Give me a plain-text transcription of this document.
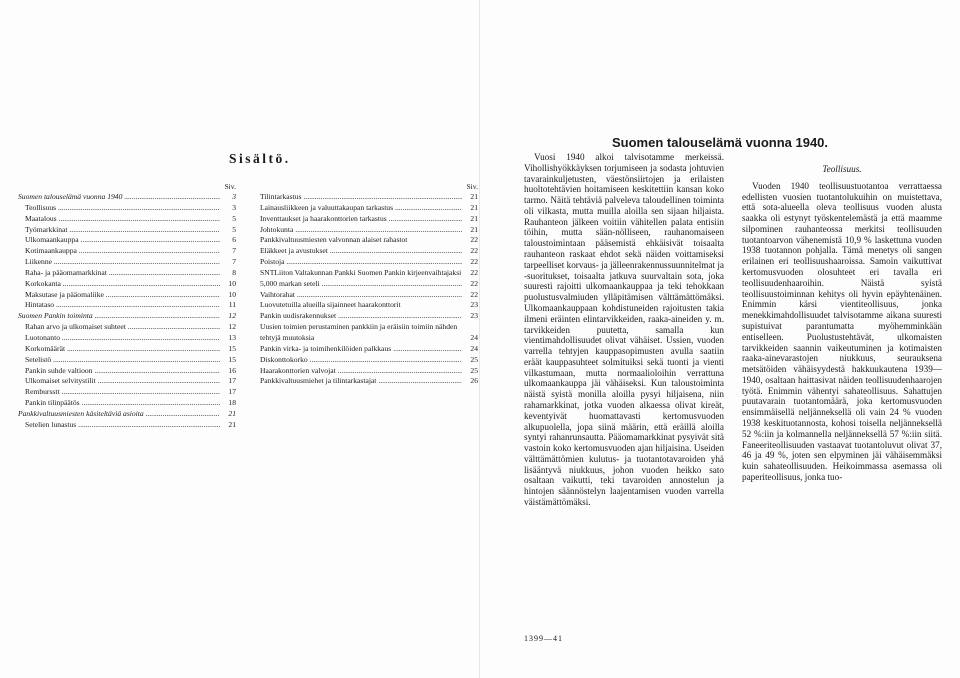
Sisältö.
Siv.
Suomen talouselämä vuonna 1940 .....	3
Teollisuus .....	3
Maatalous .....	5
Työmarkkinat .....	5
Ulkomaankauppa .....	6
Kotimaankauppa .....	7
Liikenne .....	7
Raha- ja pääomamarkkinat .....	8
Korkokanta .....	10
Maksutase ja pääomaliike .....	10
Hintataso .....	11
Suomen Pankin toiminta .....	12
Rahan arvo ja ulkomaiset suhteet .....	12
Luotonanto .....	13
Korkomäärät .....	15
Setelistö .....	15
Pankin suhde valtioon .....	16
Ulkomaiset selvitystilit .....	17
Rembursstt .....	17
Pankin tilinpäätös .....	18
Pankkivaltuusmiesten käsiteltäviä asioita .....	21
Setelien lunastus .....	21
Siv.
Tilintarkastus .....	21
Lainausliikkeen ja valuuttakaupan tarkastus .....	21
Inventtaukset ja haarakonttorien tarkastus .....	21
Johtokunta .....	21
Pankkivaltuusmiesten valvonnan alaiset rahastot	22
Eläkkeet ja avustukset .....	22
Poistoja .....	22
SNTLiiton Valtakunnan Pankki Suomen Pankin kirjeenvaihtajaksi	22
5,000 markan seteli .....	22
Vaihtorahat .....	22
Luovutetuilla alueilla sijainneet haarakonttorit	23
Pankin uudisrakennukset .....	23
Uusien toimien perustaminen pankkiin ja eräisiin toimiin nähden tehtyjä muutoksia	24
Pankin virka- ja toimihenkilöiden palkkaus .....	24
Diskonttokorko .....	25
Haarakonttorien valvojat .....	25
Pankkivaltuusmiehet ja tilintarkastajat .....	26
Suomen talouselämä vuonna 1940.

Vuosi 1940 alkoi talvisotamme merkeissä. Vihollishyökkäyksen torjumiseen ja sodasta johtuvien tavarainkuljetusten, väestönsiirtojen ja erilaisten huoltotehtävien hoitamiseen keskitettiin kansan koko tarmo. Näitä tehtäviä palveleva taloudellinen toiminta oli vilkasta, mutta muilla aloilla sen sijaan hiljaista. Rauhanteon jälkeen voitiin vähitellen palata entisiin töihin, mutta sään-nölliseen, rauhanomaiseen taloustoimintaan pääsemistä ehkäisivät toisaalta rauhanteon raskaat ehdot sekä näiden voittamiseksi tarpeelliset korvaus- ja jälleenrakennussuunnitelmat ja -suoritukset, toisaalta jatkuva suurvaltain sota, joka suuresti rajoitti ulkomaankauppaa ja teki tehokkaan puolustusvalmiuden ylläpitämisen välttämättömäksi. Ulkomaankauppaan kohdistuneiden rajoitusten takia ilmeni eräinten elintarvikkeiden, raaka-aineiden y. m. tarvikkeiden puutetta, samalla kun vientimahdollisuudet olivat vähäiset. Ussien, vuoden varrella tehtyjen kauppasopimusten avulla saatiin eräät kauppasuhteet solmituiksi sekä tuonti ja vienti vilkastumaan, mutta normaalioloihin verrattuna ulkomaankauppa jäi vähäiseksi. Kun taloustoiminta näistä syistä monilla aloilla pysyi hiljaisena, niin rahamarkkinat, jotka vuoden alkaessa olivat kireät, keventyivät huomattavasti kertomusvuoden alkupuolella, jopa siinä määrin, että eräillä aloilla syntyi rahanrunsautta. Pääomamarkkinat pysyivät sitä vastoin koko kertomusvuoden ajan hiljaisina. Useiden välttämättömien kulutus- ja tuotantotavaroiden yhä lisääntyvä niukkuus, johon vuoden heikko sato osaltaan vaikutti, teki tavaroiden annostelun ja hintojen säännöstelyn laajentamisen vuoden varrella väistämättömäksi.

Teollisuus.

Vuoden 1940 teollisuustuotantoa verrattaessa edellisten vuosien tuotantolukuihin on muistettava, että sota-alueella oleva teollisuus vuoden alusta saakka oli estynyt työskentelemästä ja että maamme silpominen rauhanteossa merkitsi teollisuuden tuotantoarvon vähenemistä 10,9 % laskettuna vuoden 1938 tuotannon pohjalla. Tämä menetys oli sangen erilainen eri teollisuushaaroissa. Samoin vaikuttivat kertomusvuoden olosuhteet eri tavalla eri teollisuudenhaaroihin. Näistä syistä teollisuustoiminnan kehitys oli hyvin epäyhtenäinen. Enimmin kärsi vientiteollisuus, jonka menekkimahdollisuudet talvisotamme aikana suuresti supistuivat parantumatta myöhemminkään entiselleen. Puolustustehtävät, ulkomaisten tarvikkeiden saannin vaikeutuminen ja kotimaisten raaka-ainevarastojen niukkuus, seurauksena metsätöiden vähäisyydestä hakkuukautena 1939—1940, osaltaan haittasivat näiden teollisuudenhaarojen työtä. Enimmin vähentyi sahateollisuus. Sahattujen puutavarain tuotantomäärä, joka kertomusvuoden ensimmäisellä neljänneksellä oli vain 24 % vuoden 1938 keskituotannosta, kohosi toisella neljänneksellä 52 %:iin ja kolmannella neljänneksellä 57 %:iin siitä. Faneeriteollisuuden vastaavat tuotantoluvut olivat 37, 46 ja 49 %, joten sen elpyminen jäi vähäisemmäksi kuin sahateollisuuden. Heikoimmassa asemassa oli paperiteollisuus, jonka tuo-

1399—41
